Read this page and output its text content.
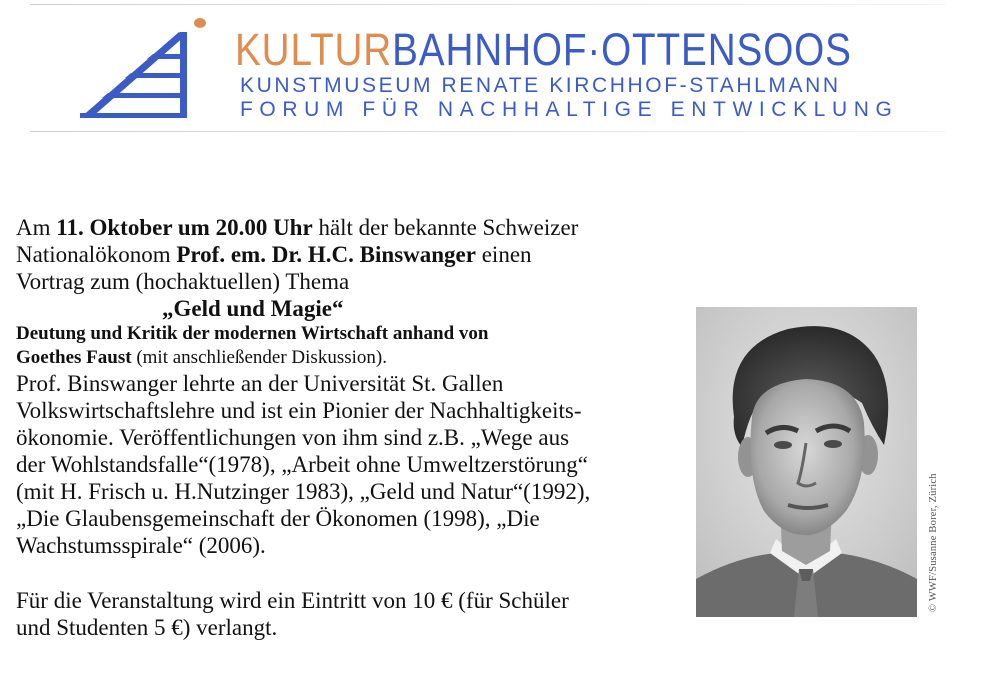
KULTURBAHNHOF·OTTENSOOS
KUNSTMUSEUM RENATE KIRCHHOF-STAHLMANN
FORUM FÜR NACHHALTIGE ENTWICKLUNG

Am 11. Oktober um 20.00 Uhr hält der bekannte Schweizer

Nationalökonom Prof. em. Dr. H.C. Binswanger einen

Vortrag zum (hochaktuellen) Thema

„Geld und Magie“

Deutung und Kritik der modernen Wirtschaft anhand von

Goethes Faust (mit anschließender Diskussion).

Prof. Binswanger lehrte an der Universität St. Gallen

Volkswirtschaftslehre und ist ein Pionier der Nachhaltigkeits-

ökonomie. Veröffentlichungen von ihm sind z.B. „Wege aus

der Wohlstandsfalle“(1978), „Arbeit ohne Umweltzerstörung“

(mit H. Frisch u. H.Nutzinger 1983), „Geld und Natur“(1992),

„Die Glaubensgemeinschaft der Ökonomen (1998), „Die

Wachstumsspirale“ (2006).

Für die Veranstaltung wird ein Eintritt von 10 € (für Schüler

und Studenten 5 €) verlangt.

© WWF/Susanne Borer, Zürich
